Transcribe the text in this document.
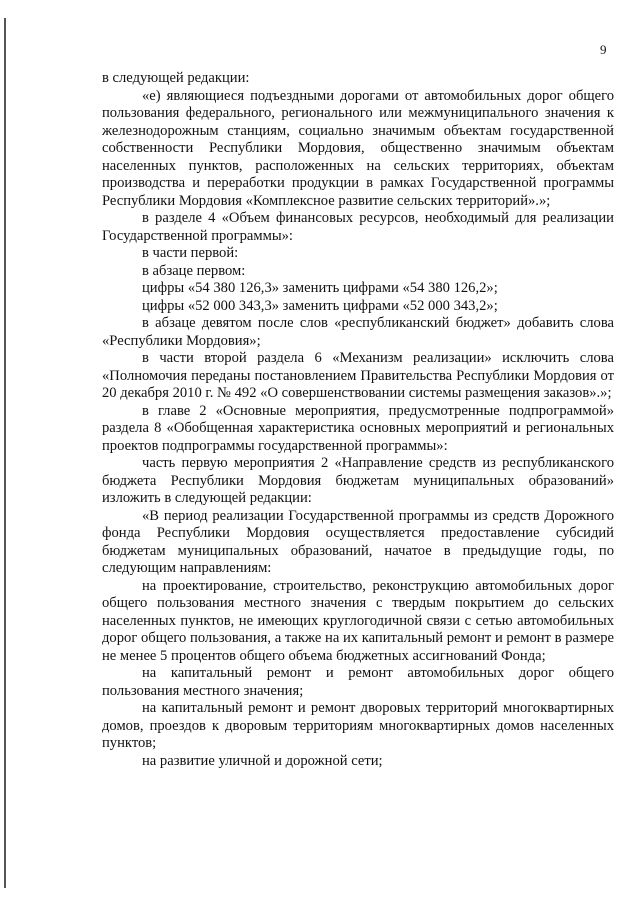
9

в следующей редакции:

«е) являющиеся подъездными дорогами от автомобильных дорог общего пользования федерального, регионального или межмуниципального значения к железнодорожным станциям, социально значимым объектам государственной собственности Республики Мордовия, общественно значимым объектам населенных пунктов, расположенных на сельских территориях, объектам производства и переработки продукции в рамках Государственной программы Республики Мордовия «Комплексное развитие сельских территорий».»;

в разделе 4 «Объем финансовых ресурсов, необходимый для реализации Государственной программы»:

в части первой:

в абзаце первом:

цифры «54 380 126,3» заменить цифрами «54 380 126,2»;

цифры «52 000 343,3» заменить цифрами «52 000 343,2»;

в абзаце девятом после слов «республиканский бюджет» добавить слова «Республики Мордовия»;

в части второй раздела 6 «Механизм реализации» исключить слова «Полномочия переданы постановлением Правительства Республики Мордовия от 20 декабря 2010 г. № 492 «О совершенствовании системы размещения заказов».»;

в главе 2 «Основные мероприятия, предусмотренные подпрограммой» раздела 8 «Обобщенная характеристика основных мероприятий и региональных проектов подпрограммы государственной программы»:

часть первую мероприятия 2 «Направление средств из республиканского бюджета Республики Мордовия бюджетам муниципальных образований» изложить в следующей редакции:

«В период реализации Государственной программы из средств Дорожного фонда Республики Мордовия осуществляется предоставление субсидий бюджетам муниципальных образований, начатое в предыдущие годы, по следующим направлениям:

на проектирование, строительство, реконструкцию автомобильных дорог общего пользования местного значения с твердым покрытием до сельских населенных пунктов, не имеющих круглогодичной связи с сетью автомобильных дорог общего пользования, а также на их капитальный ремонт и ремонт в размере не менее 5 процентов общего объема бюджетных ассигнований Фонда;

на капитальный ремонт и ремонт автомобильных дорог общего пользования местного значения;

на капитальный ремонт и ремонт дворовых территорий многоквартирных домов, проездов к дворовым территориям многоквартирных домов населенных пунктов;

на развитие уличной и дорожной сети;
